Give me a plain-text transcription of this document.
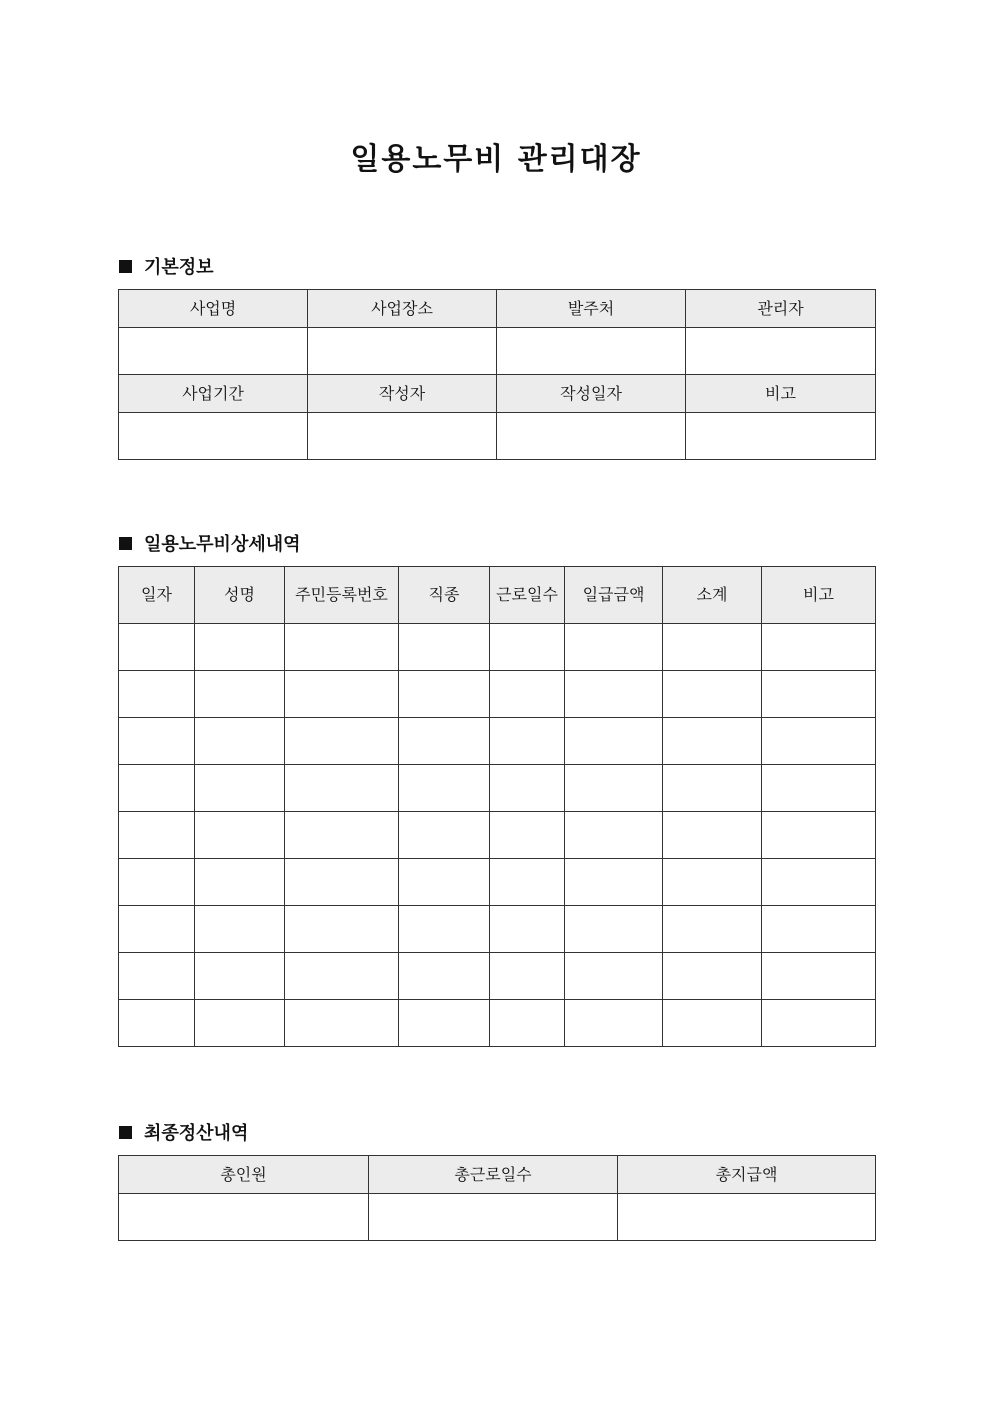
일용노무비 관리대장
기본정보
사업명	사업장소	발주처	관리자

사업기간	작성자	작성일자	비고

일용노무비상세내역
일자	성명	주민등록번호	직종	근로일수	일급금액	소계	비고

최종정산내역
총인원	총근로일수	총지급액
